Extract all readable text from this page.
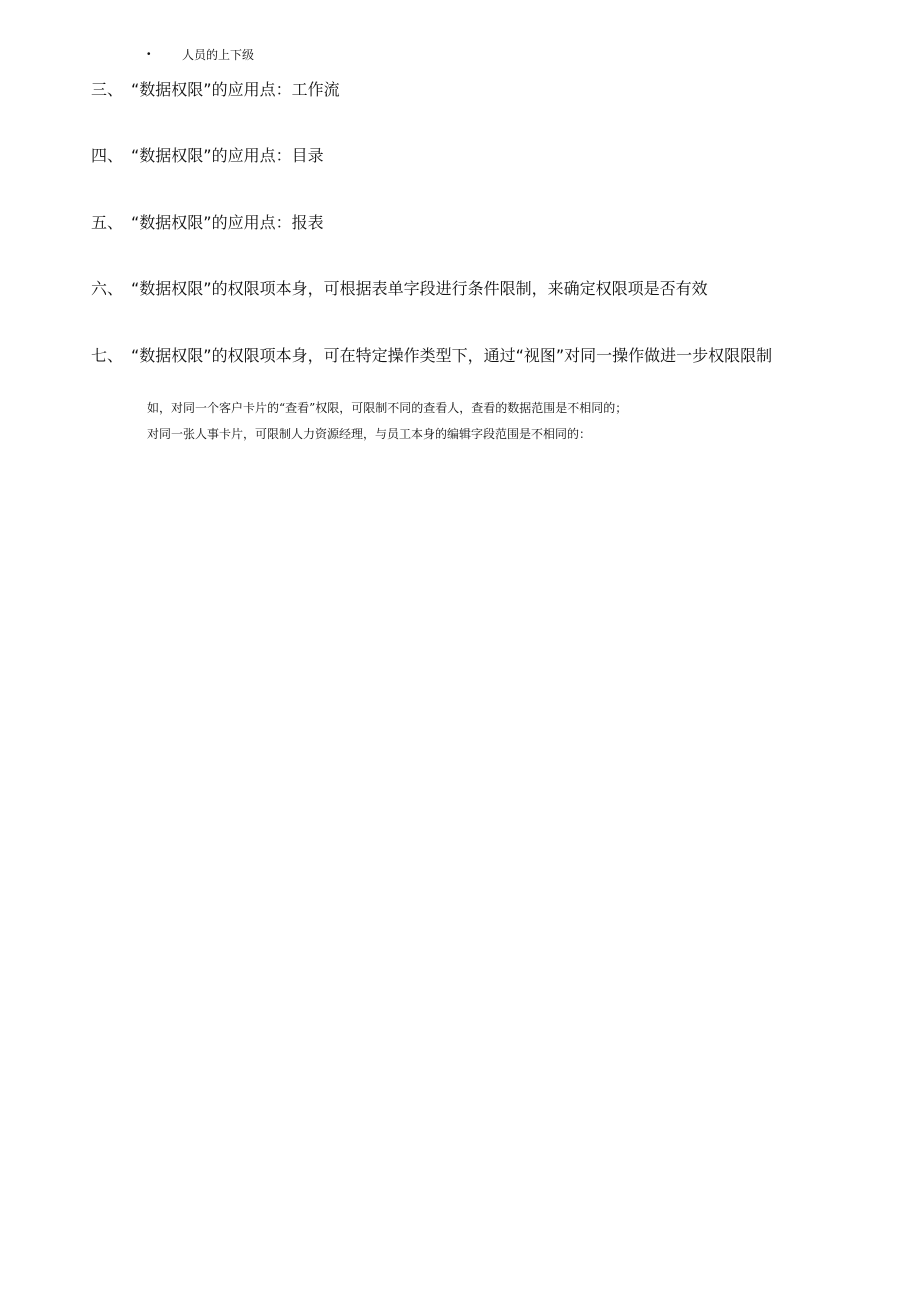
•	人员的上下级
三、 “数据权限”的应用点：工作流
四、 “数据权限”的应用点：目录
五、 “数据权限”的应用点：报表
六、 “数据权限”的权限项本身，可根据表单字段进行条件限制，来确定权限项是否有效
七、 “数据权限”的权限项本身，可在特定操作类型下，通过“视图”对同一操作做进一步权限限制
如，对同一个客户卡片的“查看”权限，可限制不同的查看人，查看的数据范围是不相同的；
对同一张人事卡片，可限制人力资源经理，与员工本身的编辑字段范围是不相同的：
